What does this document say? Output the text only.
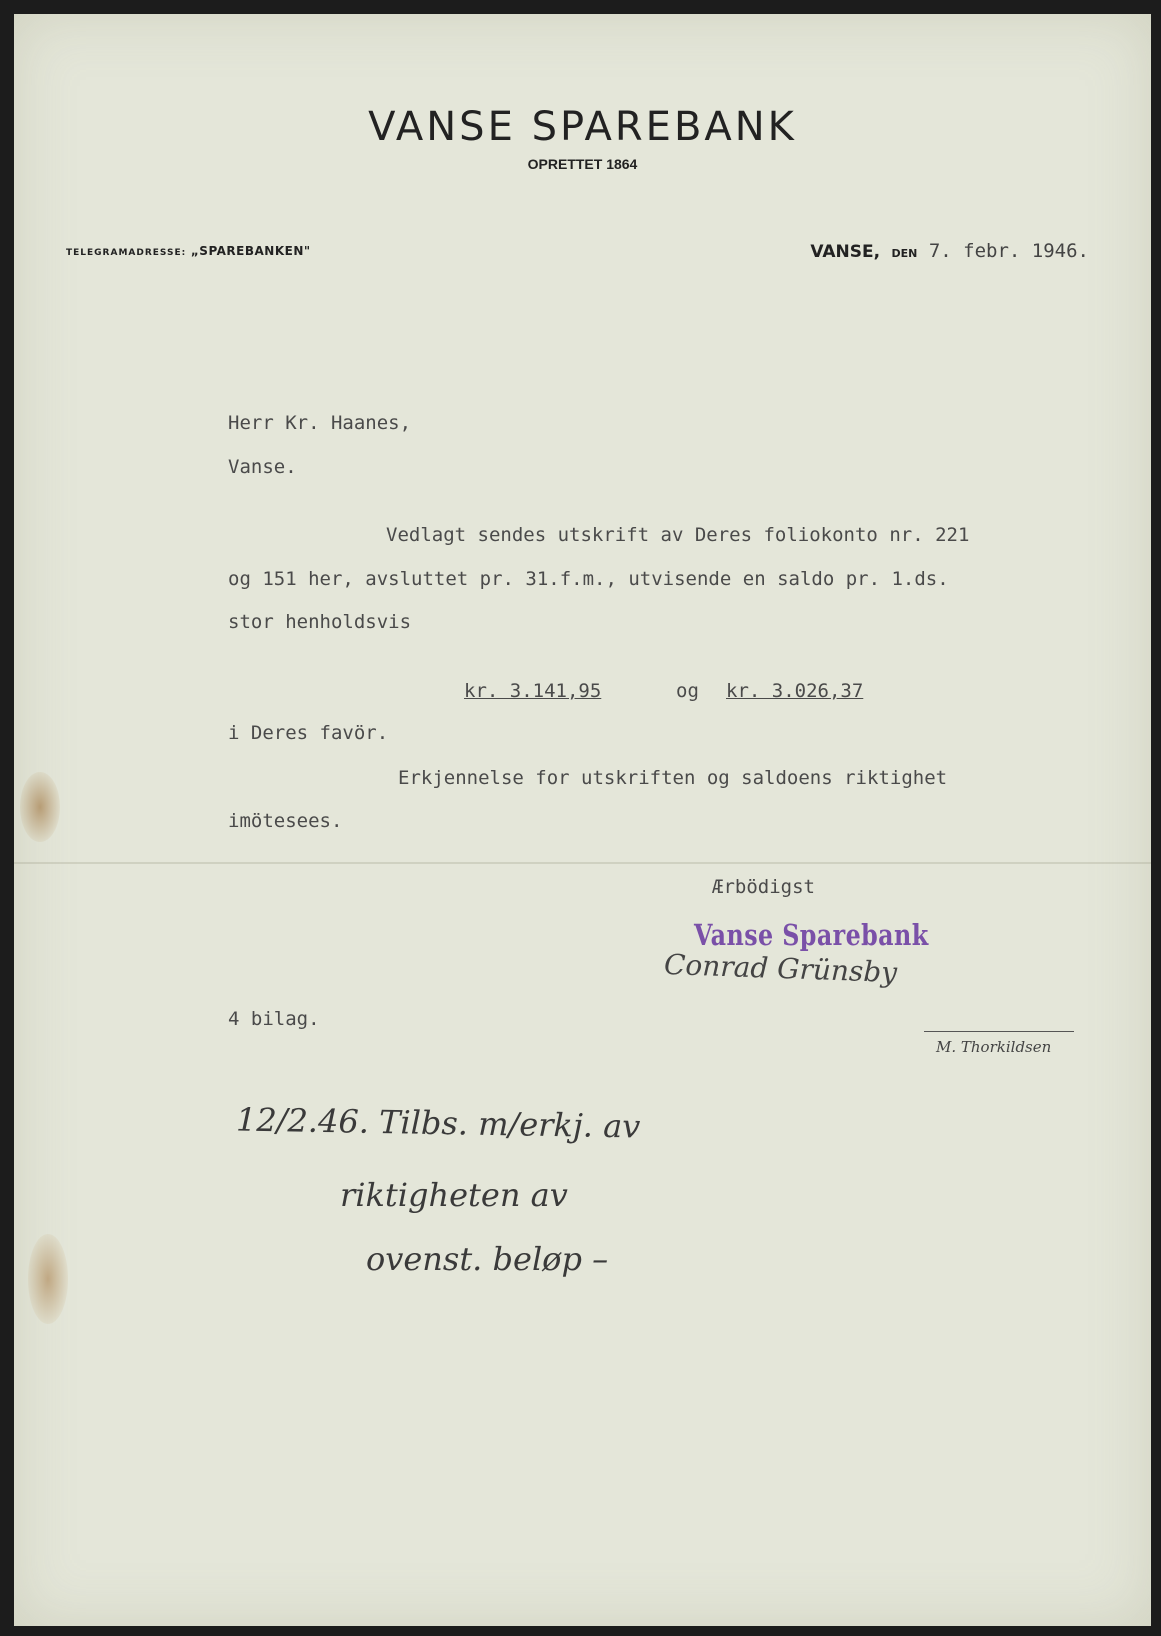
VANSE SPAREBANK
OPRETTET 1864
TELEGRAMADRESSE: „SPAREBANKEN"	VANSE, DEN 7. febr. 1946.
Herr Kr. Haanes,
Vanse.
Vedlagt sendes utskrift av Deres foliokonto nr. 221
og 151 her, avsluttet pr. 31.f.m., utvisende en saldo pr. 1.ds.
stor henholdsvis
kr. 3.141,95	og kr. 3.026,37
i Deres favör.
Erkjennelse for utskriften og saldoens riktighet
imötesees.
Ærbödigst
Vanse Sparebank
Conrad Grünsby
4 bilag.
M. Thorkildsen
12/2.46. Tilbs. m/erkj. av
riktigheten av
ovenst. beløp –
